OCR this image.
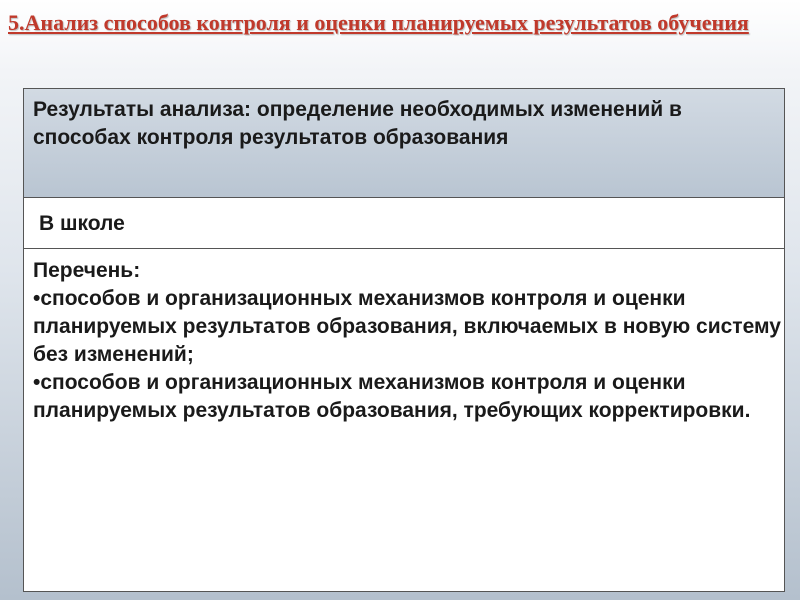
5.Анализ способов контроля и оценки планируемых результатов обучения

Результаты анализа: определение необходимых изменений в способах контроля результатов образования

В школе

Перечень:
•способов и организационных механизмов контроля и оценки планируемых результатов образования, включаемых в новую систему без изменений;
•способов и организационных механизмов контроля и оценки планируемых результатов образования, требующих корректировки.
